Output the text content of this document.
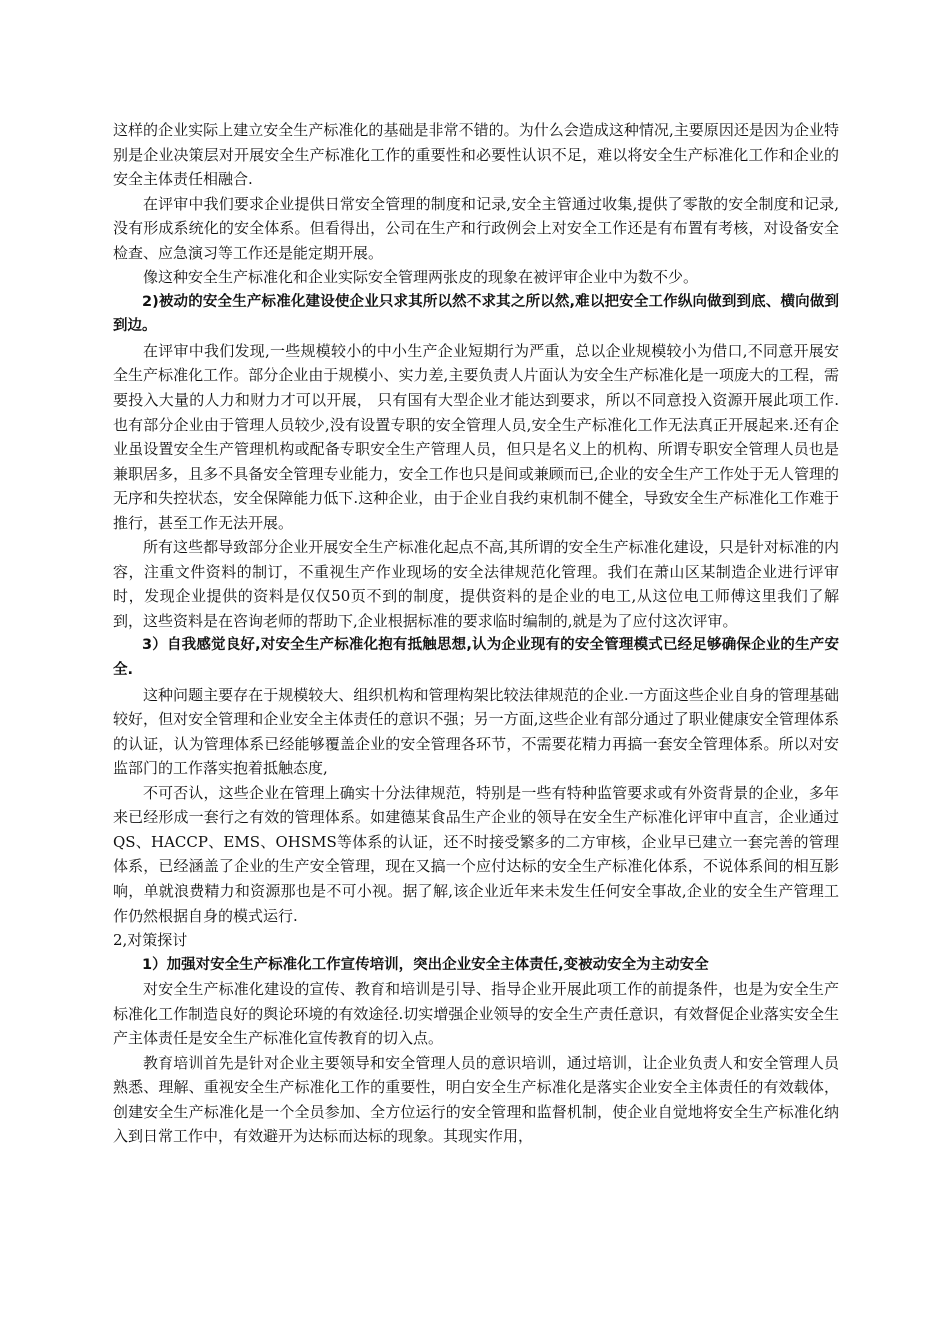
这样的企业实际上建立安全生产标准化的基础是非常不错的。为什么会造成这种情况,主要原因还是因为企业特别是企业决策层对开展安全生产标准化工作的重要性和必要性认识不足，难以将安全生产标准化工作和企业的安全主体责任相融合.

在评审中我们要求企业提供日常安全管理的制度和记录,安全主管通过收集,提供了零散的安全制度和记录,没有形成系统化的安全体系。但看得出，公司在生产和行政例会上对安全工作还是有布置有考核，对设备安全检查、应急演习等工作还是能定期开展。

像这种安全生产标准化和企业实际安全管理两张皮的现象在被评审企业中为数不少。

2)被动的安全生产标准化建设使企业只求其所以然不求其之所以然,难以把安全工作纵向做到到底、横向做到到边。

在评审中我们发现,一些规模较小的中小生产企业短期行为严重，总以企业规模较小为借口,不同意开展安全生产标准化工作。部分企业由于规模小、实力差,主要负责人片面认为安全生产标准化是一项庞大的工程，需要投入大量的人力和财力才可以开展， 只有国有大型企业才能达到要求，所以不同意投入资源开展此项工作.也有部分企业由于管理人员较少,没有设置专职的安全管理人员,安全生产标准化工作无法真正开展起来.还有企业虽设置安全生产管理机构或配备专职安全生产管理人员，但只是名义上的机构、所谓专职安全管理人员也是兼职居多，且多不具备安全管理专业能力，安全工作也只是间或兼顾而已,企业的安全生产工作处于无人管理的无序和失控状态，安全保障能力低下.这种企业，由于企业自我约束机制不健全，导致安全生产标准化工作难于推行，甚至工作无法开展。

所有这些都导致部分企业开展安全生产标准化起点不高,其所谓的安全生产标准化建设，只是针对标准的内容，注重文件资料的制订，不重视生产作业现场的安全法律规范化管理。我们在萧山区某制造企业进行评审时，发现企业提供的资料是仅仅50页不到的制度，提供资料的是企业的电工,从这位电工师傅这里我们了解到，这些资料是在咨询老师的帮助下,企业根据标准的要求临时编制的,就是为了应付这次评审。

3）自我感觉良好,对安全生产标准化抱有抵触思想,认为企业现有的安全管理模式已经足够确保企业的生产安全.

这种问题主要存在于规模较大、组织机构和管理构架比较法律规范的企业.一方面这些企业自身的管理基础较好，但对安全管理和企业安全主体责任的意识不强；另一方面,这些企业有部分通过了职业健康安全管理体系的认证，认为管理体系已经能够覆盖企业的安全管理各环节，不需要花精力再搞一套安全管理体系。所以对安监部门的工作落实抱着抵触态度,

不可否认，这些企业在管理上确实十分法律规范，特别是一些有特种监管要求或有外资背景的企业，多年来已经形成一套行之有效的管理体系。如建德某食品生产企业的领导在安全生产标准化评审中直言，企业通过QS、HACCP、EMS、OHSMS等体系的认证，还不时接受繁多的二方审核，企业早已建立一套完善的管理体系，已经涵盖了企业的生产安全管理，现在又搞一个应付达标的安全生产标准化体系，不说体系间的相互影响，单就浪费精力和资源那也是不可小视。据了解,该企业近年来未发生任何安全事故,企业的安全生产管理工作仍然根据自身的模式运行.

2,对策探讨

1）加强对安全生产标准化工作宣传培训，突出企业安全主体责任,变被动安全为主动安全

对安全生产标准化建设的宣传、教育和培训是引导、指导企业开展此项工作的前提条件，也是为安全生产标准化工作制造良好的舆论环境的有效途径.切实增强企业领导的安全生产责任意识，有效督促企业落实安全生产主体责任是安全生产标准化宣传教育的切入点。

教育培训首先是针对企业主要领导和安全管理人员的意识培训，通过培训，让企业负责人和安全管理人员熟悉、理解、重视安全生产标准化工作的重要性，明白安全生产标准化是落实企业安全主体责任的有效载体，创建安全生产标准化是一个全员参加、全方位运行的安全管理和监督机制，使企业自觉地将安全生产标准化纳入到日常工作中，有效避开为达标而达标的现象。其现实作用，
